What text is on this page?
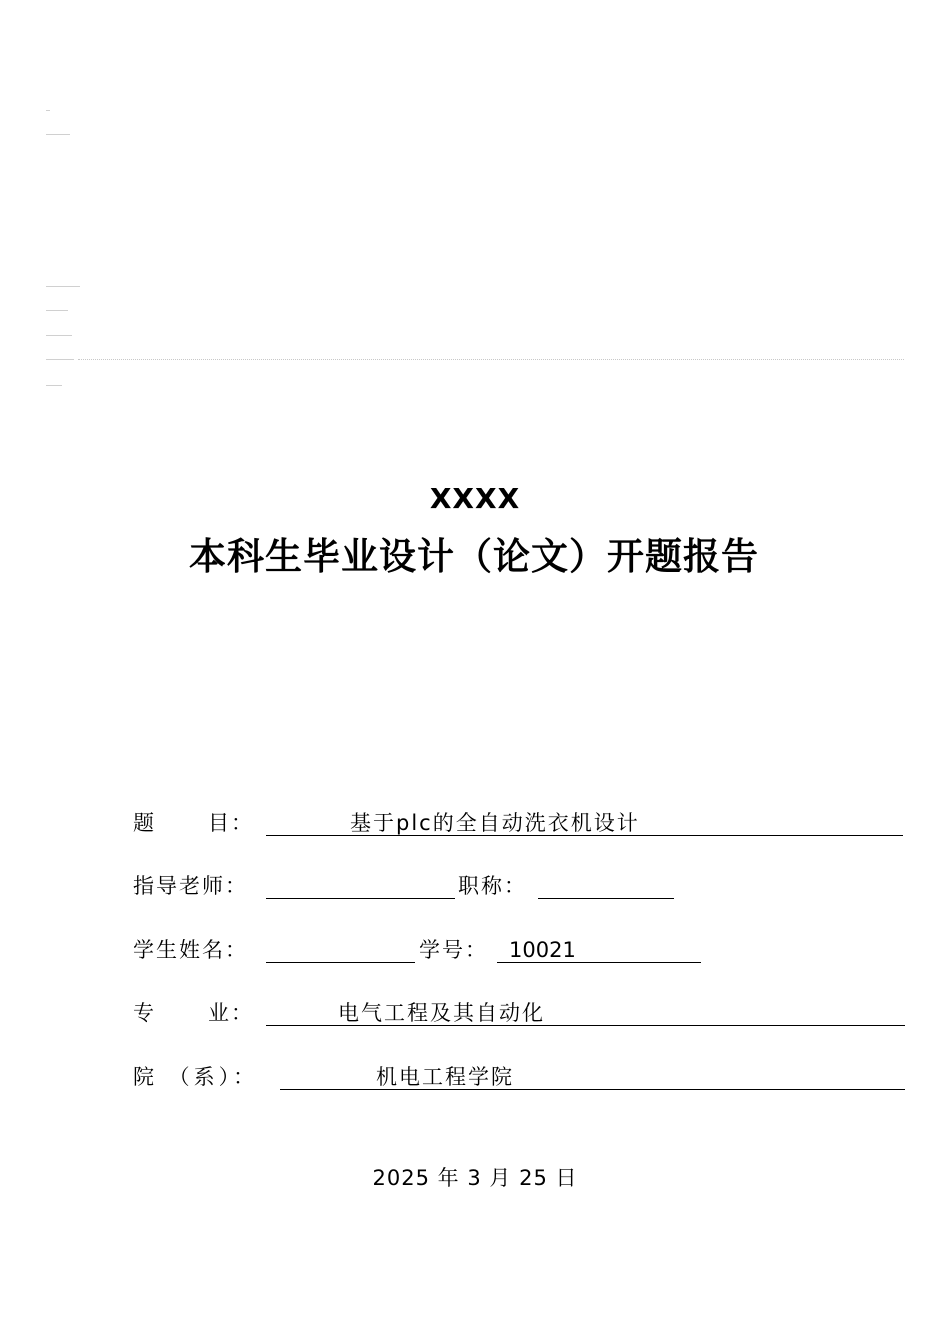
XXXX
本科生毕业设计（论文）开题报告
题      目：	基于plc的全自动洗衣机设计
指导老师：	职称：
学生姓名：	学号： 10021
专      业：	电气工程及其自动化
院 （系）：	机电工程学院
2025 年 3 月 25 日
